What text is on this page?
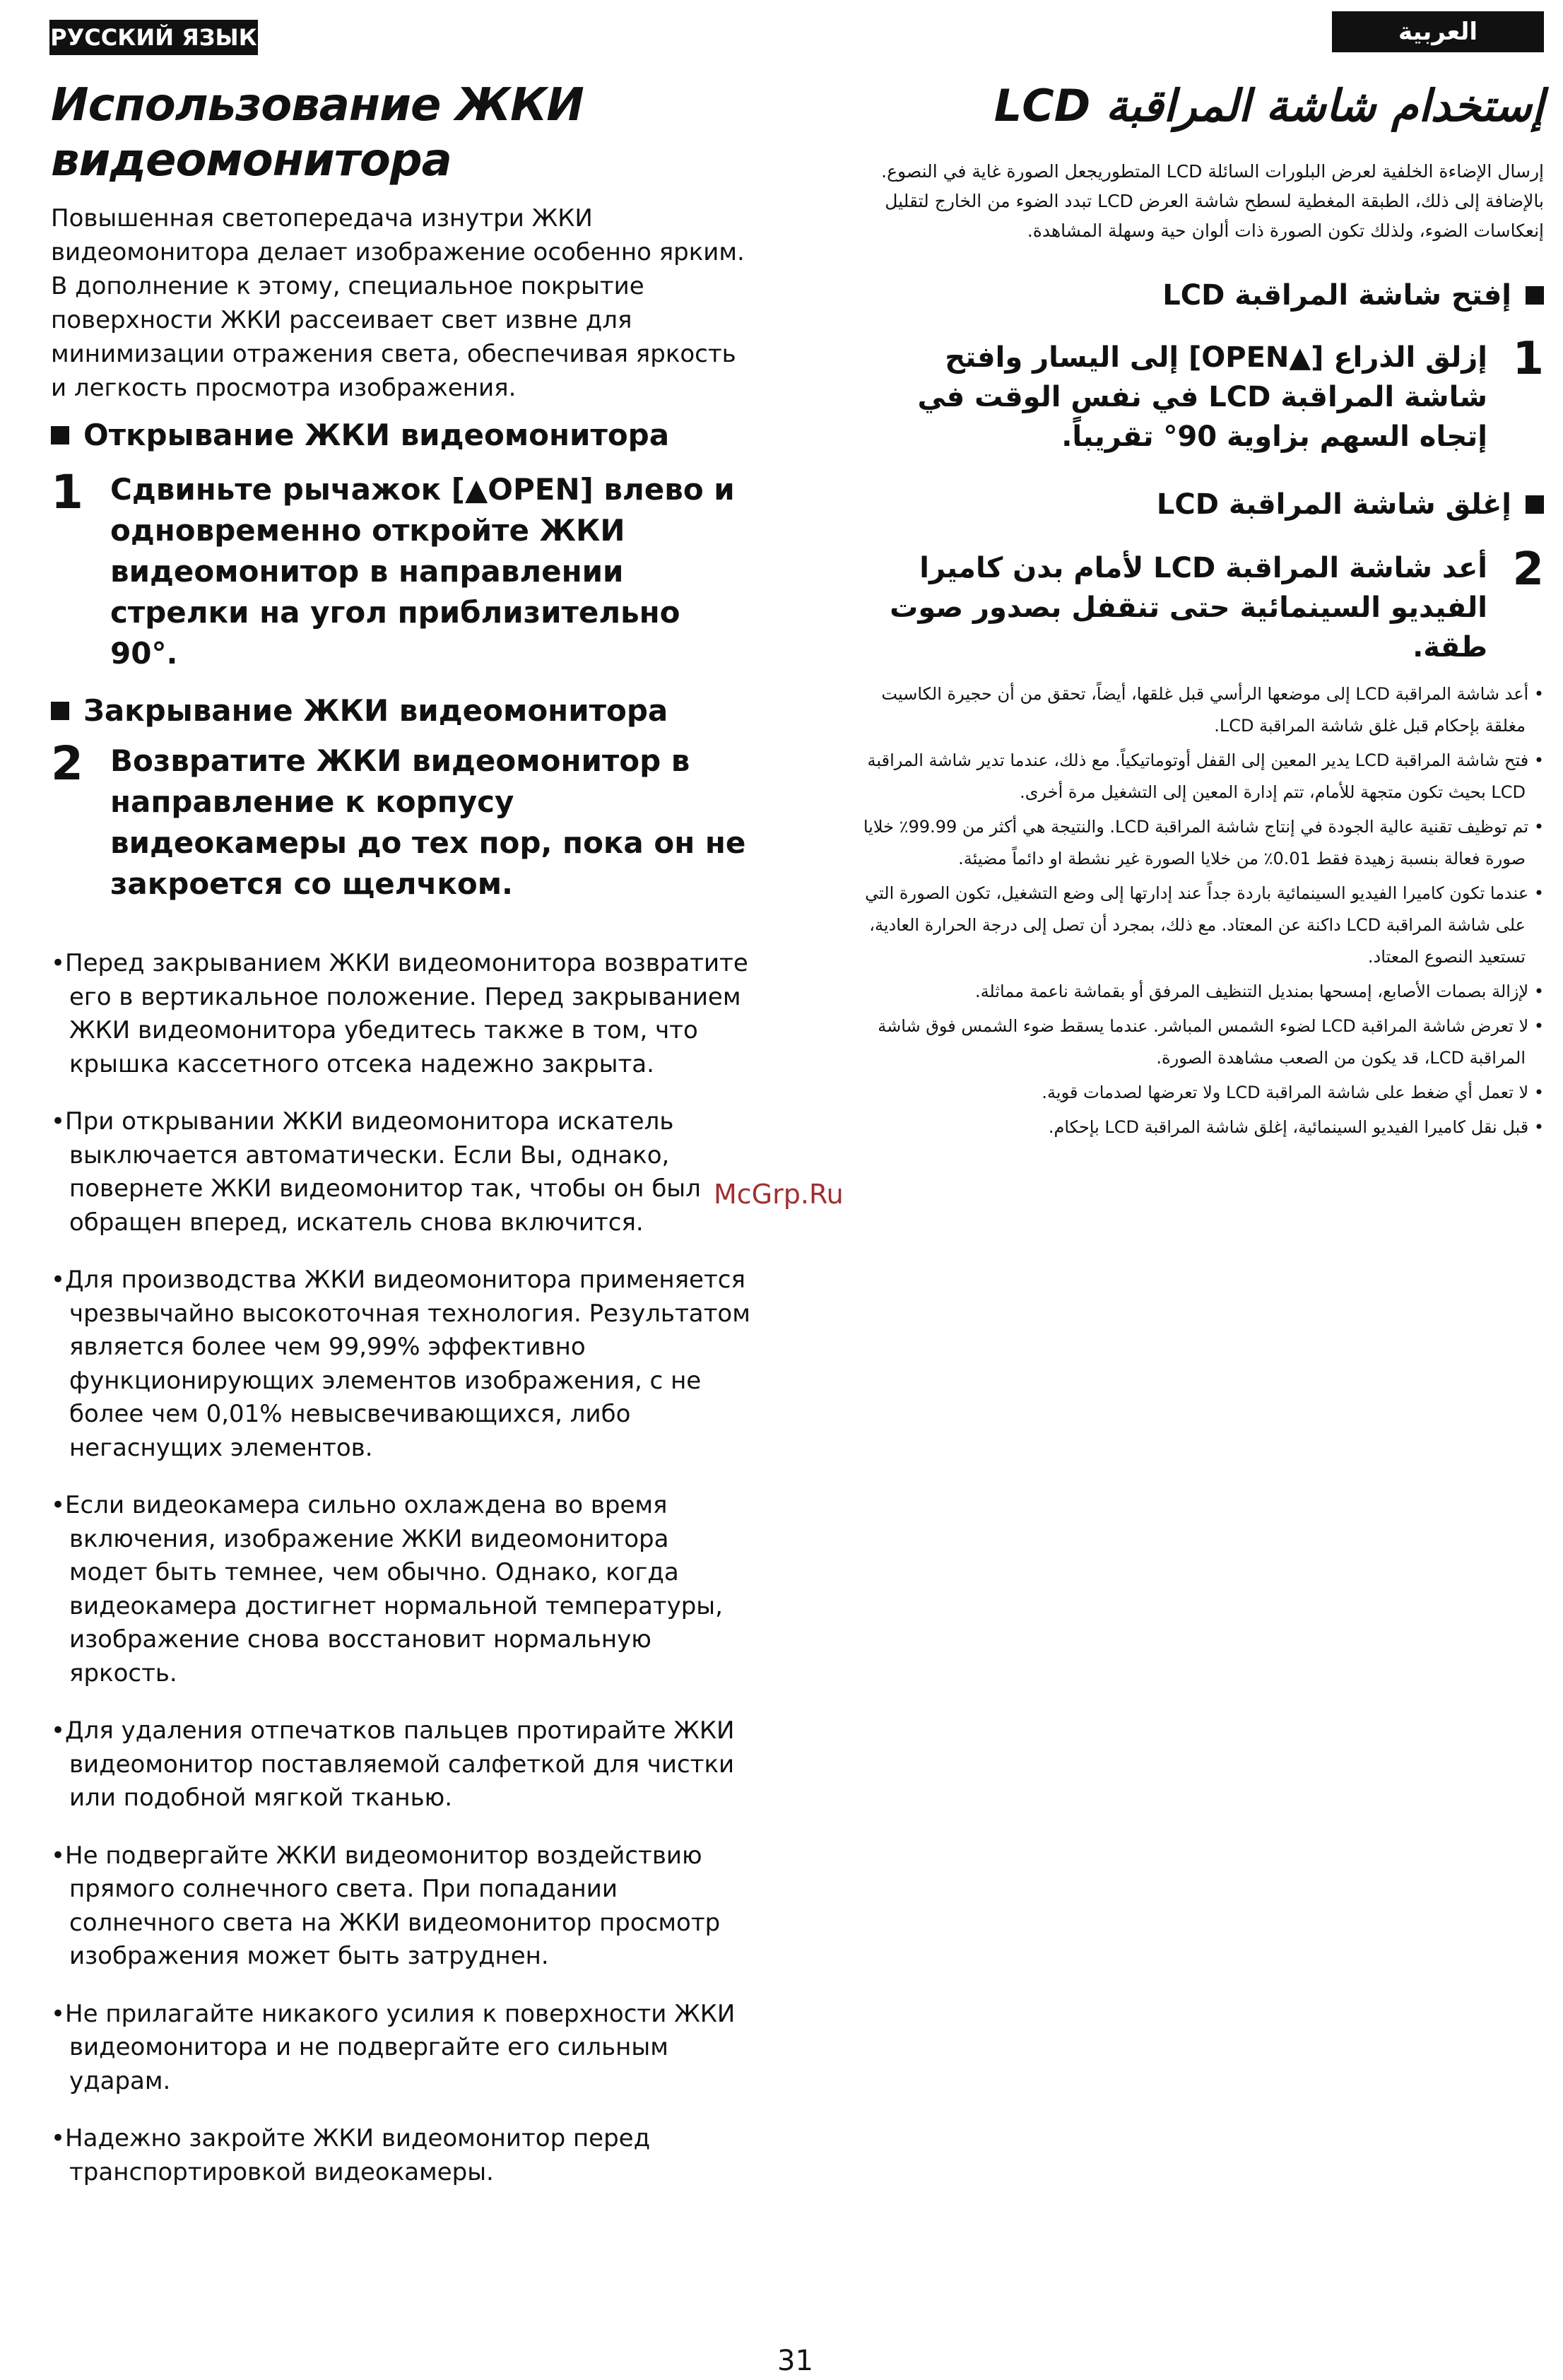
РУССКИЙ ЯЗЫК	العربية
Использование ЖКИ видеомонитора
Повышенная светопередача изнутри ЖКИ видеомонитора делает изображение особенно ярким. В дополнение к этому, специальное покрытие поверхности ЖКИ рассеивает свет извне для минимизации отражения света, обеспечивая яркость и легкость просмотра изображения.
Открывание ЖКИ видеомонитора
1 Сдвиньте рычажок [▲OPEN] влево и одновременно откройте ЖКИ видеомонитор в направлении стрелки на угол приблизительно 90°.
Закрывание ЖКИ видеомонитора
2 Возвратите ЖКИ видеомонитор в направление к корпусу видеокамеры до тех пор, пока он не закроется со щелчком.

•Перед закрыванием ЖКИ видеомонитора возвратите его в вертикальное положение. Перед закрыванием ЖКИ видеомонитора убедитесь также в том, что крышка кассетного отсека надежно закрыта.

•При открывании ЖКИ видеомонитора искатель выключается автоматически. Если Вы, однако, повернете ЖКИ видеомонитор так, чтобы он был обращен вперед, искатель снова включится.

•Для производства ЖКИ видеомонитора применяется чрезвычайно высокоточная технология. Результатом является более чем 99,99% эффективно функционирующих элементов изображения, с не более чем 0,01% невысвечивающихся, либо негаснущих элементов.

•Если видеокамера сильно охлаждена во время включения, изображение ЖКИ видеомонитора модет быть темнее, чем обычно. Однако, когда видеокамера достигнет нормальной температуры, изображение снова восстановит нормальную яркость.

•Для удаления отпечатков пальцев протирайте ЖКИ видеомонитор поставляемой салфеткой для чистки или подобной мягкой тканью.

•Не подвергайте ЖКИ видеомонитор воздействию прямого солнечного света. При попадании солнечного света на ЖКИ видеомонитор просмотр изображения может быть затруднен.

•Не прилагайте никакого усилия к поверхности ЖКИ видеомонитора и не подвергайте его сильным ударам.

•Надежно закройте ЖКИ видеомонитор перед транспортировкой видеокамеры.

إستخدام شاشة المراقبة LCD
إرسال الإضاءة الخلفية لعرض البلورات السائلة LCD المتطوريجعل الصورة غاية في النصوع. بالإضافة إلى ذلك، الطبقة المغطية لسطح شاشة العرض LCD تبدد الضوء من الخارج لتقليل إنعكاسات الضوء، ولذلك تكون الصورة ذات ألوان حية وسهلة المشاهدة.
إفتح شاشة المراقبة LCD
1
إزلق الذراع [▲OPEN] إلى اليسار وافتح شاشة المراقبة LCD في نفس الوقت في إتجاه السهم بزاوية 90° تقريباً.
إغلق شاشة المراقبة LCD
2
أعد شاشة المراقبة LCD لأمام بدن كاميرا الفيديو السينمائية حتى تنقفل بصدور صوت طقة.

• أعد شاشة المراقبة LCD إلى موضعها الرأسي قبل غلقها، أيضاً، تحقق من أن حجيرة الكاسيت مغلقة بإحكام قبل غلق شاشة المراقبة LCD.

• فتح شاشة المراقبة LCD يدير المعين إلى القفل أوتوماتيكياً. مع ذلك، عندما تدير شاشة المراقبة LCD بحيث تكون متجهة للأمام، تتم إدارة المعين إلى التشغيل مرة أخرى.

• تم توظيف تقنية عالية الجودة في إنتاج شاشة المراقبة LCD. والنتيجة هي أكثر من 99.99٪ خلايا صورة فعالة بنسبة زهيدة فقط 0.01٪ من خلايا الصورة غير نشطة او دائماً مضيئة.

• عندما تكون كاميرا الفيديو السينمائية باردة جداً عند إدارتها إلى وضع التشغيل، تكون الصورة التي على شاشة المراقبة LCD داكنة عن المعتاد. مع ذلك، بمجرد أن تصل إلى درجة الحرارة العادية، تستعيد النصوع المعتاد.

• لإزالة بصمات الأصابع، إمسحها بمنديل التنظيف المرفق أو بقماشة ناعمة مماثلة.

• لا تعرض شاشة المراقبة LCD لضوء الشمس المباشر. عندما يسقط ضوء الشمس فوق شاشة المراقبة LCD، قد يكون من الصعب مشاهدة الصورة.

• لا تعمل أي ضغط على شاشة المراقبة LCD ولا تعرضها لصدمات قوية.

• قبل نقل كاميرا الفيديو السينمائية، إغلق شاشة المراقبة LCD بإحكام.

McGrp.Ru
31
